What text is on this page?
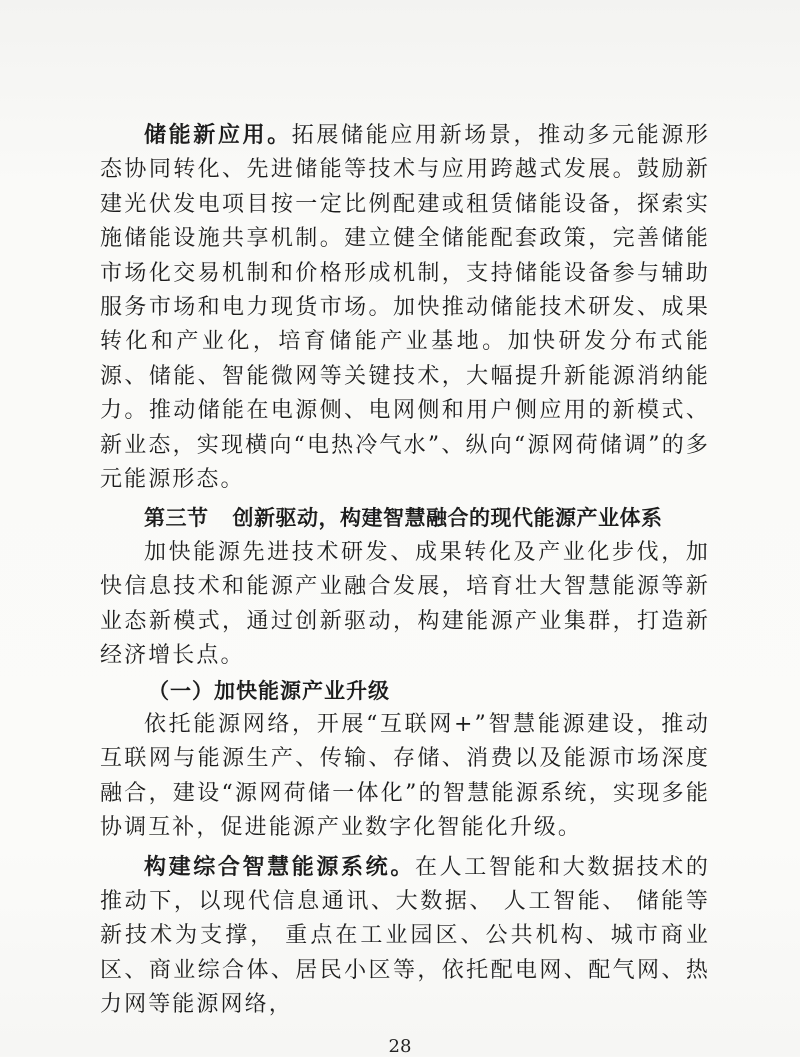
储能新应用。拓展储能应用新场景，推动多元能源形态协同转化、先进储能等技术与应用跨越式发展。鼓励新建光伏发电项目按一定比例配建或租赁储能设备，探索实施储能设施共享机制。建立健全储能配套政策，完善储能市场化交易机制和价格形成机制，支持储能设备参与辅助服务市场和电力现货市场。加快推动储能技术研发、成果转化和产业化，培育储能产业基地。加快研发分布式能源、储能、智能微网等关键技术，大幅提升新能源消纳能力。推动储能在电源侧、电网侧和用户侧应用的新模式、新业态，实现横向“电热冷气水”、纵向“源网荷储调”的多元能源形态。

第三节 创新驱动，构建智慧融合的现代能源产业体系

加快能源先进技术研发、成果转化及产业化步伐，加快信息技术和能源产业融合发展，培育壮大智慧能源等新业态新模式，通过创新驱动，构建能源产业集群，打造新经济增长点。

（一）加快能源产业升级

依托能源网络，开展“互联网+”智慧能源建设，推动互联网与能源生产、传输、存储、消费以及能源市场深度融合，建设“源网荷储一体化”的智慧能源系统，实现多能协调互补，促进能源产业数字化智能化升级。

构建综合智慧能源系统。在人工智能和大数据技术的推动下，以现代信息通讯、大数据、 人工智能、 储能等新技术为支撑， 重点在工业园区、公共机构、城市商业区、商业综合体、居民小区等，依托配电网、配气网、热力网等能源网络，

28
